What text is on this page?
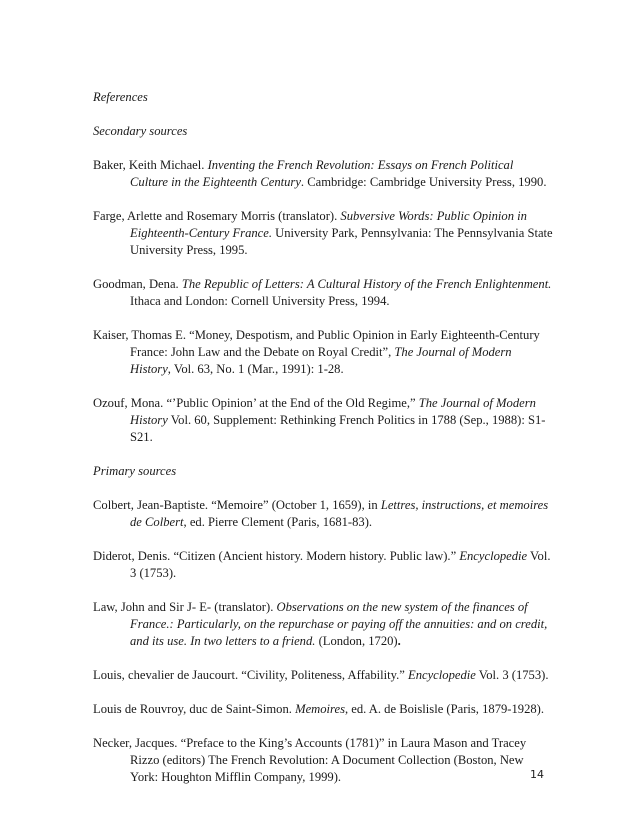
References

Secondary sources

Baker, Keith Michael. Inventing the French Revolution: Essays on French Political Culture in the Eighteenth Century. Cambridge: Cambridge University Press, 1990.

Farge, Arlette and Rosemary Morris (translator). Subversive Words: Public Opinion in Eighteenth-Century France. University Park, Pennsylvania: The Pennsylvania State University Press, 1995.

Goodman, Dena. The Republic of Letters: A Cultural History of the French Enlightenment. Ithaca and London: Cornell University Press, 1994.

Kaiser, Thomas E. “Money, Despotism, and Public Opinion in Early Eighteenth-Century France: John Law and the Debate on Royal Credit”, The Journal of Modern History, Vol. 63, No. 1 (Mar., 1991): 1-28.

Ozouf, Mona. “’Public Opinion’ at the End of the Old Regime,” The Journal of Modern History Vol. 60, Supplement: Rethinking French Politics in 1788 (Sep., 1988): S1-S21.

Primary sources

Colbert, Jean-Baptiste. “Memoire” (October 1, 1659), in Lettres, instructions, et memoires de Colbert, ed. Pierre Clement (Paris, 1681-83).

Diderot, Denis. “Citizen (Ancient history. Modern history. Public law).” Encyclopedie Vol. 3 (1753).

Law, John and Sir J- E- (translator). Observations on the new system of the finances of France.: Particularly, on the repurchase or paying off the annuities: and on credit, and its use. In two letters to a friend. (London, 1720).

Louis, chevalier de Jaucourt. “Civility, Politeness, Affability.” Encyclopedie Vol. 3 (1753).

Louis de Rouvroy, duc de Saint-Simon. Memoires, ed. A. de Boislisle (Paris, 1879-1928).

Necker, Jacques. “Preface to the King’s Accounts (1781)” in Laura Mason and Tracey Rizzo (editors) The French Revolution: A Document Collection (Boston, New York: Houghton Mifflin Company, 1999).	14
